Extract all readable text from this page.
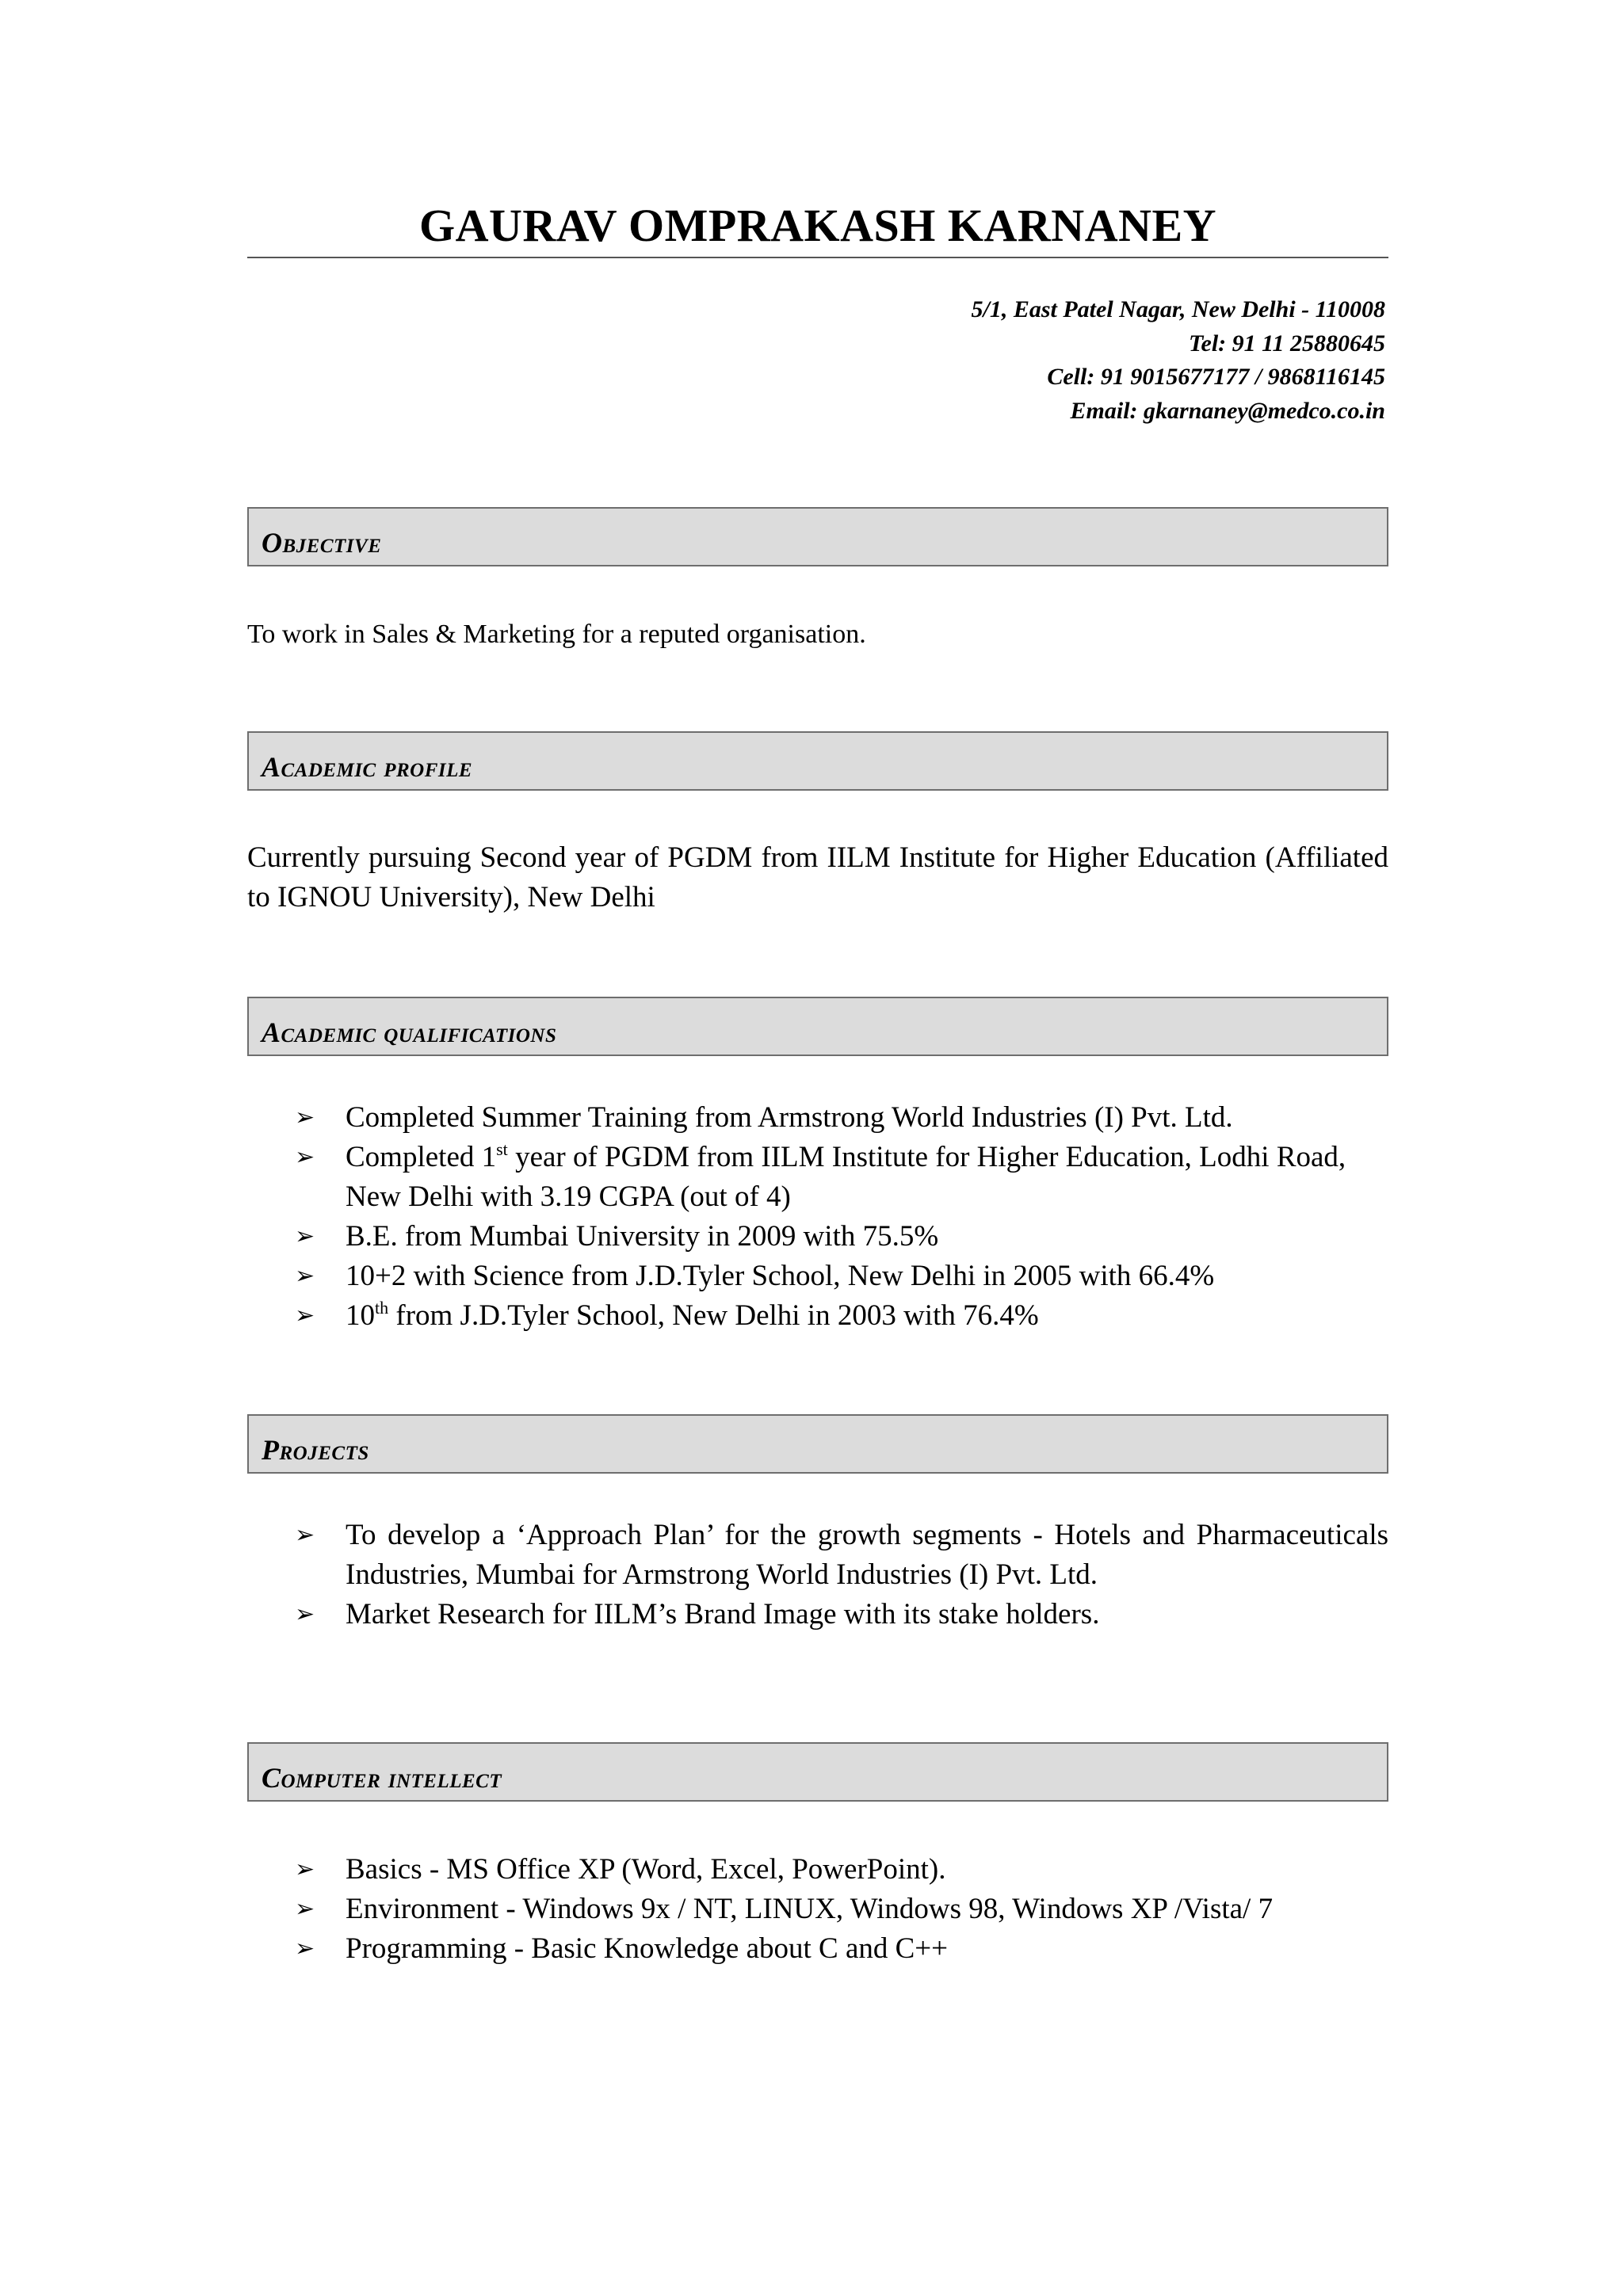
GAURAV OMPRAKASH KARNANEY
5/1, East Patel Nagar, New Delhi - 110008
Tel: 91 11 25880645
Cell: 91 9015677177 / 9868116145
Email: gkarnaney@medco.co.in
Objective
To work in Sales & Marketing for a reputed organisation.
Academic profile
Currently pursuing Second year of PGDM from IILM Institute for Higher Education (Affiliated to IGNOU University), New Delhi
Academic qualifications
➢ Completed Summer Training from Armstrong World Industries (I) Pvt. Ltd.
➢ Completed 1st year of PGDM from IILM Institute for Higher Education, Lodhi Road, New Delhi with 3.19 CGPA (out of 4)
➢ B.E. from Mumbai University in 2009 with 75.5%
➢ 10+2 with Science from J.D.Tyler School, New Delhi in 2005 with 66.4%
➢ 10th from J.D.Tyler School, New Delhi in 2003 with 76.4%
Projects
➢ To develop a ‘Approach Plan’ for the growth segments - Hotels and Pharmaceuticals Industries, Mumbai for Armstrong World Industries (I) Pvt. Ltd.
➢ Market Research for IILM’s Brand Image with its stake holders.
Computer intellect
➢ Basics - MS Office XP (Word, Excel, PowerPoint).
➢ Environment - Windows 9x / NT, LINUX, Windows 98, Windows XP /Vista/ 7
➢ Programming - Basic Knowledge about C and C++
